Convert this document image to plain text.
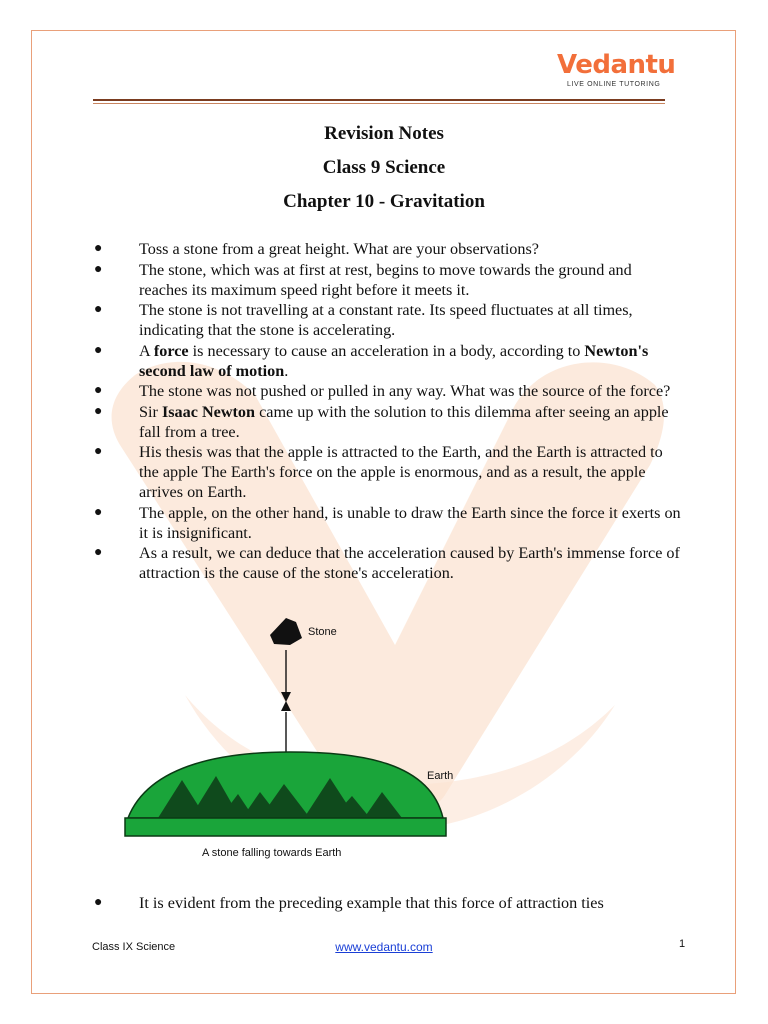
Vedantu
LIVE ONLINE TUTORING
Revision Notes
Class 9 Science
Chapter 10 - Gravitation
● Toss a stone from a great height. What are your observations?
● The stone, which was at first at rest, begins to move towards the ground and reaches its maximum speed right before it meets it.
● The stone is not travelling at a constant rate. Its speed fluctuates at all times, indicating that the stone is accelerating.
● A force is necessary to cause an acceleration in a body, according to Newton's second law of motion.
● The stone was not pushed or pulled in any way. What was the source of the force?
● Sir Isaac Newton came up with the solution to this dilemma after seeing an apple fall from a tree.
● His thesis was that the apple is attracted to the Earth, and the Earth is attracted to the apple The Earth's force on the apple is enormous, and as a result, the apple arrives on Earth.
● The apple, on the other hand, is unable to draw the Earth since the force it exerts on it is insignificant.
● As a result, we can deduce that the acceleration caused by Earth's immense force of attraction is the cause of the stone's acceleration.
Stone
Earth
A stone falling towards Earth
● It is evident from the preceding example that this force of attraction ties
Class IX Science	www.vedantu.com	1
